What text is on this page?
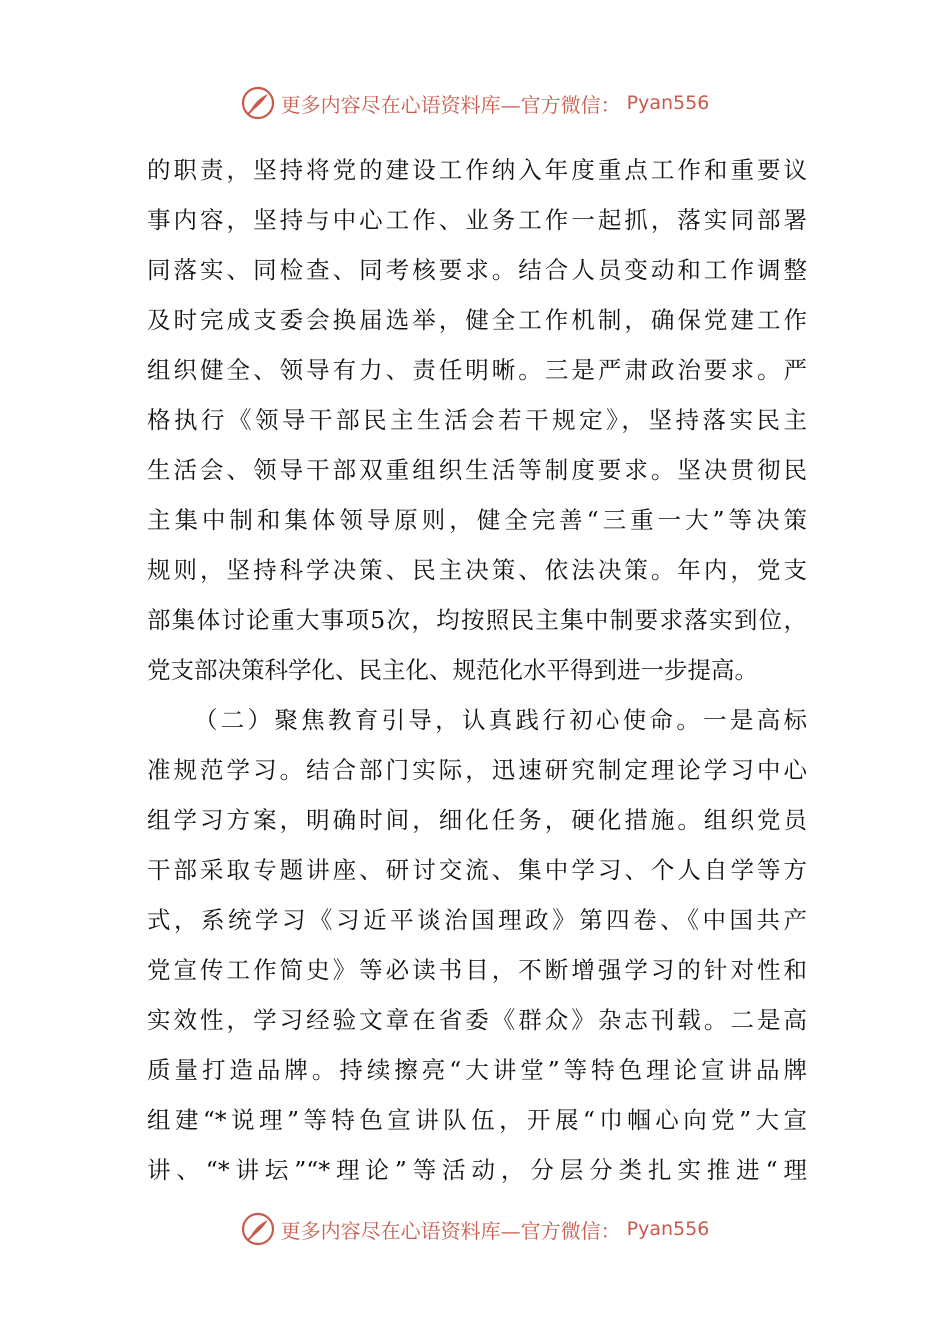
更多内容尽在心语资料库—官方微信： Pyan556
的职责，坚持将党的建设工作纳入年度重点工作和重要议
事内容，坚持与中心工作、业务工作一起抓，落实同部署
同落实、同检查、同考核要求。结合人员变动和工作调整
及时完成支委会换届选举，健全工作机制，确保党建工作
组织健全、领导有力、责任明晰。三是严肃政治要求。严
格执行《领导干部民主生活会若干规定》，坚持落实民主
生活会、领导干部双重组织生活等制度要求。坚决贯彻民
主集中制和集体领导原则，健全完善“三重一大”等决策
规则，坚持科学决策、民主决策、依法决策。年内，党支
部集体讨论重大事项5次，均按照民主集中制要求落实到位，
党支部决策科学化、民主化、规范化水平得到进一步提高。
（二）聚焦教育引导，认真践行初心使命。一是高标
准规范学习。结合部门实际，迅速研究制定理论学习中心
组学习方案，明确时间，细化任务，硬化措施。组织党员
干部采取专题讲座、研讨交流、集中学习、个人自学等方
式，系统学习《习近平谈治国理政》第四卷、《中国共产
党宣传工作简史》等必读书目，不断增强学习的针对性和
实效性，学习经验文章在省委《群众》杂志刊载。二是高
质量打造品牌。持续擦亮“大讲堂”等特色理论宣讲品牌
组建“*说理”等特色宣讲队伍，开展“巾帼心向党”大宣
讲、“*讲坛”“*理论”等活动，分层分类扎实推进“理
更多内容尽在心语资料库—官方微信： Pyan556
